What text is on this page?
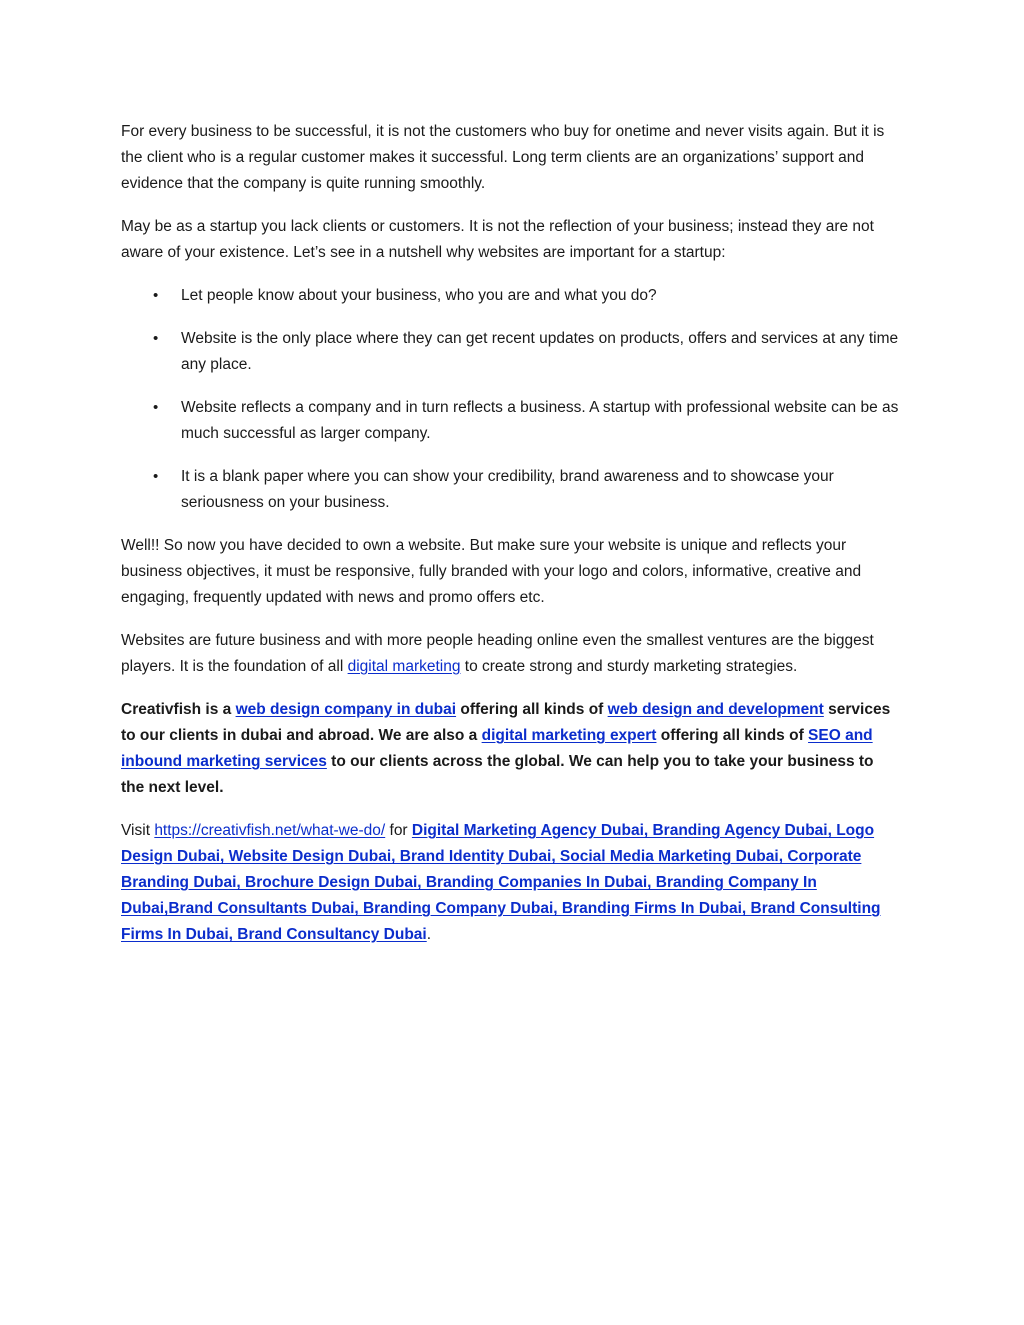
For every business to be successful, it is not the customers who buy for onetime and never visits again. But it is the client who is a regular customer makes it successful. Long term clients are an organizations’ support and evidence that the company is quite running smoothly.

May be as a startup you lack clients or customers. It is not the reflection of your business; instead they are not aware of your existence. Let’s see in a nutshell why websites are important for a startup:

• Let people know about your business, who you are and what you do?
• Website is the only place where they can get recent updates on products, offers and services at any time any place.
• Website reflects a company and in turn reflects a business. A startup with professional website can be as much successful as larger company.
• It is a blank paper where you can show your credibility, brand awareness and to showcase your seriousness on your business.

Well!! So now you have decided to own a website. But make sure your website is unique and reflects your business objectives, it must be responsive, fully branded with your logo and colors, informative, creative and engaging, frequently updated with news and promo offers etc.

Websites are future business and with more people heading online even the smallest ventures are the biggest players. It is the foundation of all digital marketing to create strong and sturdy marketing strategies.

Creativfish is a web design company in dubai offering all kinds of web design and development services to our clients in dubai and abroad. We are also a digital marketing expert offering all kinds of SEO and inbound marketing services to our clients across the global. We can help you to take your business to the next level.

Visit https://creativfish.net/what-we-do/ for Digital Marketing Agency Dubai, Branding Agency Dubai, Logo Design Dubai, Website Design Dubai, Brand Identity Dubai, Social Media Marketing Dubai, Corporate Branding Dubai, Brochure Design Dubai, Branding Companies In Dubai, Branding Company In Dubai,Brand Consultants Dubai, Branding Company Dubai, Branding Firms In Dubai, Brand Consulting Firms In Dubai, Brand Consultancy Dubai.
